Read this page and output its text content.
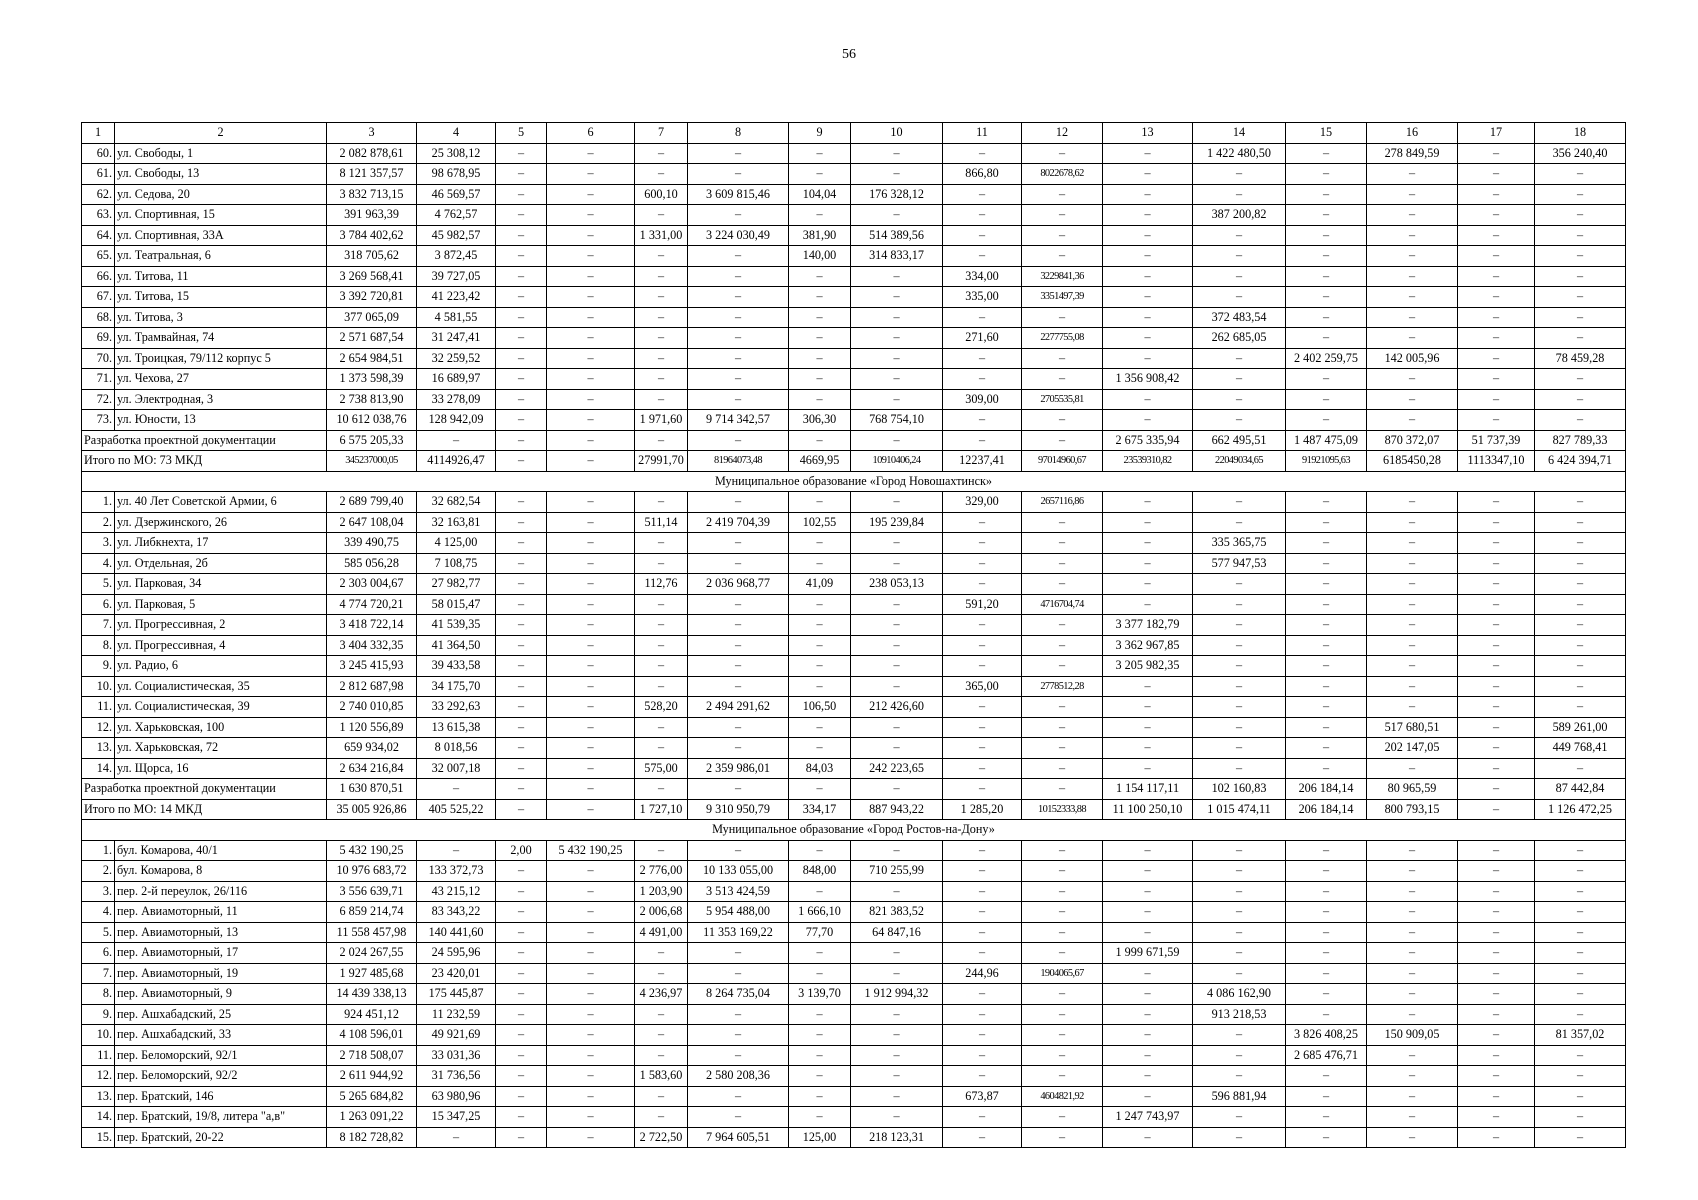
56
1	2	3	4	5	6	7	8	9	10	11	12	13	14	15	16	17	18
60.	ул. Свободы, 1	2 082 878,61	25 308,12	–	–	–	–	–	–	–	–	–	1 422 480,50	–	278 849,59	–	356 240,40
61.	ул. Свободы, 13	8 121 357,57	98 678,95	–	–	–	–	–	–	866,80	8022678,62	–	–	–	–	–	–
62.	ул. Седова, 20	3 832 713,15	46 569,57	–	–	600,10	3 609 815,46	104,04	176 328,12	–	–	–	–	–	–	–	–
63.	ул. Спортивная, 15	391 963,39	4 762,57	–	–	–	–	–	–	–	–	–	387 200,82	–	–	–	–
64.	ул. Спортивная, 33А	3 784 402,62	45 982,57	–	–	1 331,00	3 224 030,49	381,90	514 389,56	–	–	–	–	–	–	–	–
65.	ул. Театральная, 6	318 705,62	3 872,45	–	–	–	–	140,00	314 833,17	–	–	–	–	–	–	–	–
66.	ул. Титова, 11	3 269 568,41	39 727,05	–	–	–	–	–	–	334,00	3229841,36	–	–	–	–	–	–
67.	ул. Титова, 15	3 392 720,81	41 223,42	–	–	–	–	–	–	335,00	3351497,39	–	–	–	–	–	–
68.	ул. Титова, 3	377 065,09	4 581,55	–	–	–	–	–	–	–	–	–	372 483,54	–	–	–	–
69.	ул. Трамвайная, 74	2 571 687,54	31 247,41	–	–	–	–	–	–	271,60	2277755,08	–	262 685,05	–	–	–	–
70.	ул. Троицкая, 79/112 корпус 5	2 654 984,51	32 259,52	–	–	–	–	–	–	–	–	–	–	2 402 259,75	142 005,96	–	78 459,28
71.	ул. Чехова, 27	1 373 598,39	16 689,97	–	–	–	–	–	–	–	–	1 356 908,42	–	–	–	–	–
72.	ул. Электродная, 3	2 738 813,90	33 278,09	–	–	–	–	–	–	309,00	2705535,81	–	–	–	–	–	–
73.	ул. Юности, 13	10 612 038,76	128 942,09	–	–	1 971,60	9 714 342,57	306,30	768 754,10	–	–	–	–	–	–	–	–
Разработка проектной документации		6 575 205,33	–	–	–	–	–	–	–	–	–	2 675 335,94	662 495,51	1 487 475,09	870 372,07	51 737,39	827 789,33
Итого по МО: 73 МКД		345237000,05	4114926,47	–	–	27991,70	81964073,48	4669,95	10910406,24	12237,41	97014960,67	23539310,82	22049034,65	91921095,63	6185450,28	1113347,10	6 424 394,71
Муниципальное образование «Город Новошахтинск»																	
1.	ул. 40 Лет Советской Армии, 6	2 689 799,40	32 682,54	–	–	–	–	–	–	329,00	2657116,86	–	–	–	–	–	–
2.	ул. Дзержинского, 26	2 647 108,04	32 163,81	–	–	511,14	2 419 704,39	102,55	195 239,84	–	–	–	–	–	–	–	–
3.	ул. Либкнехта, 17	339 490,75	4 125,00	–	–	–	–	–	–	–	–	–	335 365,75	–	–	–	–
4.	ул. Отдельная, 2б	585 056,28	7 108,75	–	–	–	–	–	–	–	–	–	577 947,53	–	–	–	–
5.	ул. Парковая, 34	2 303 004,67	27 982,77	–	–	112,76	2 036 968,77	41,09	238 053,13	–	–	–	–	–	–	–	–
6.	ул. Парковая, 5	4 774 720,21	58 015,47	–	–	–	–	–	–	591,20	4716704,74	–	–	–	–	–	–
7.	ул. Прогрессивная, 2	3 418 722,14	41 539,35	–	–	–	–	–	–	–	–	3 377 182,79	–	–	–	–	–
8.	ул. Прогрессивная, 4	3 404 332,35	41 364,50	–	–	–	–	–	–	–	–	3 362 967,85	–	–	–	–	–
9.	ул. Радио, 6	3 245 415,93	39 433,58	–	–	–	–	–	–	–	–	3 205 982,35	–	–	–	–	–
10.	ул. Социалистическая, 35	2 812 687,98	34 175,70	–	–	–	–	–	–	365,00	2778512,28	–	–	–	–	–	–
11.	ул. Социалистическая, 39	2 740 010,85	33 292,63	–	–	528,20	2 494 291,62	106,50	212 426,60	–	–	–	–	–	–	–	–
12.	ул. Харьковская, 100	1 120 556,89	13 615,38	–	–	–	–	–	–	–	–	–	–	–	517 680,51	–	589 261,00
13.	ул. Харьковская, 72	659 934,02	8 018,56	–	–	–	–	–	–	–	–	–	–	–	202 147,05	–	449 768,41
14.	ул. Щорса, 16	2 634 216,84	32 007,18	–	–	575,00	2 359 986,01	84,03	242 223,65	–	–	–	–	–	–	–	–
Разработка проектной документации		1 630 870,51	–	–	–	–	–	–	–	–	–	1 154 117,11	102 160,83	206 184,14	80 965,59	–	87 442,84
Итого по МО: 14 МКД		35 005 926,86	405 525,22	–	–	1 727,10	9 310 950,79	334,17	887 943,22	1 285,20	10152333,88	11 100 250,10	1 015 474,11	206 184,14	800 793,15	–	1 126 472,25
Муниципальное образование «Город Ростов-на-Дону»																	
1.	бул. Комарова, 40/1	5 432 190,25	–	2,00	5 432 190,25	–	–	–	–	–	–	–	–	–	–	–	–
2.	бул. Комарова, 8	10 976 683,72	133 372,73	–	–	2 776,00	10 133 055,00	848,00	710 255,99	–	–	–	–	–	–	–	–
3.	пер. 2-й переулок, 26/116	3 556 639,71	43 215,12	–	–	1 203,90	3 513 424,59	–	–	–	–	–	–	–	–	–	–
4.	пер. Авиамоторный, 11	6 859 214,74	83 343,22	–	–	2 006,68	5 954 488,00	1 666,10	821 383,52	–	–	–	–	–	–	–	–
5.	пер. Авиамоторный, 13	11 558 457,98	140 441,60	–	–	4 491,00	11 353 169,22	77,70	64 847,16	–	–	–	–	–	–	–	–
6.	пер. Авиамоторный, 17	2 024 267,55	24 595,96	–	–	–	–	–	–	–	–	1 999 671,59	–	–	–	–	–
7.	пер. Авиамоторный, 19	1 927 485,68	23 420,01	–	–	–	–	–	–	244,96	1904065,67	–	–	–	–	–	–
8.	пер. Авиамоторный, 9	14 439 338,13	175 445,87	–	–	4 236,97	8 264 735,04	3 139,70	1 912 994,32	–	–	–	4 086 162,90	–	–	–	–
9.	пер. Ашхабадский, 25	924 451,12	11 232,59	–	–	–	–	–	–	–	–	–	913 218,53	–	–	–	–
10.	пер. Ашхабадский, 33	4 108 596,01	49 921,69	–	–	–	–	–	–	–	–	–	–	3 826 408,25	150 909,05	–	81 357,02
11.	пер. Беломорский, 92/1	2 718 508,07	33 031,36	–	–	–	–	–	–	–	–	–	–	2 685 476,71	–	–	–
12.	пер. Беломорский, 92/2	2 611 944,92	31 736,56	–	–	1 583,60	2 580 208,36	–	–	–	–	–	–	–	–	–	–
13.	пер. Братский, 146	5 265 684,82	63 980,96	–	–	–	–	–	–	673,87	4604821,92	–	596 881,94	–	–	–	–
14.	пер. Братский, 19/8, литера "а,в"	1 263 091,22	15 347,25	–	–	–	–	–	–	–	–	1 247 743,97	–	–	–	–	–
15.	пер. Братский, 20-22	8 182 728,82	–	–	–	2 722,50	7 964 605,51	125,00	218 123,31	–	–	–	–	–	–	–	–
